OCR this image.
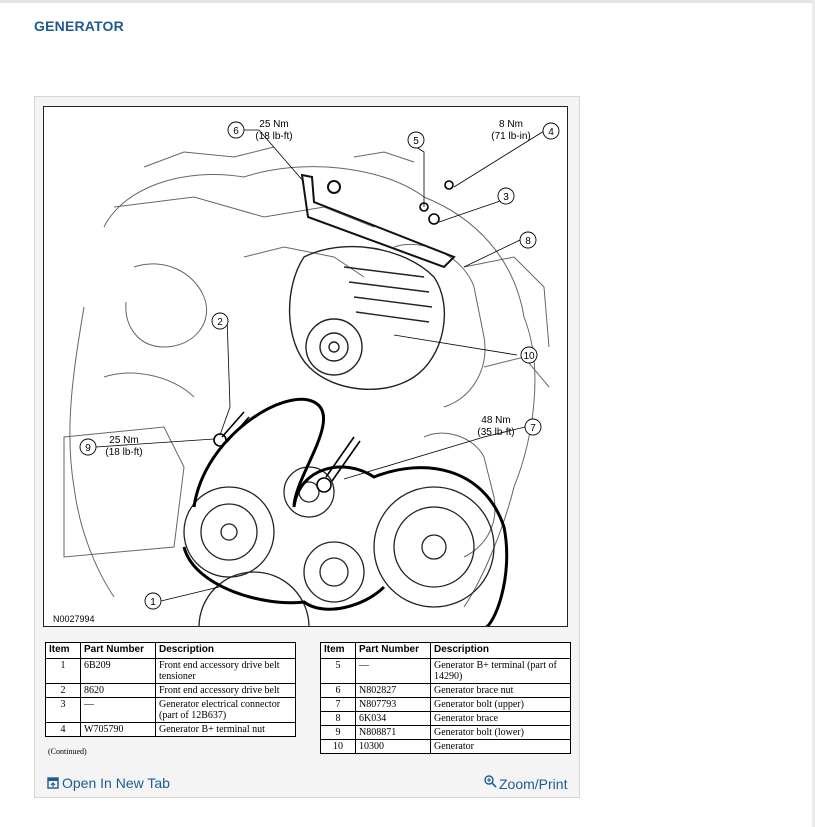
GENERATOR
6
5
4
3
8
2
10
7
9
1
25 Nm
(18 lb-ft)
8 Nm
(71 lb-in)
25 Nm
(18 lb-ft)
48 Nm
(35 lb-ft)
N0027994
Item	Part Number	Description
1	6B209	Front end accessory drive belt tensioner
2	8620	Front end accessory drive belt
3	—	Generator electrical connector (part of 12B637)
4	W705790	Generator B+ terminal nut
(Continued)
Item	Part Number	Description
5	—	Generator B+ terminal (part of 14290)
6	N802827	Generator brace nut
7	N807793	Generator bolt (upper)
8	6K034	Generator brace
9	N808871	Generator bolt (lower)
10	10300	Generator
Open In New Tab	Zoom/Print
